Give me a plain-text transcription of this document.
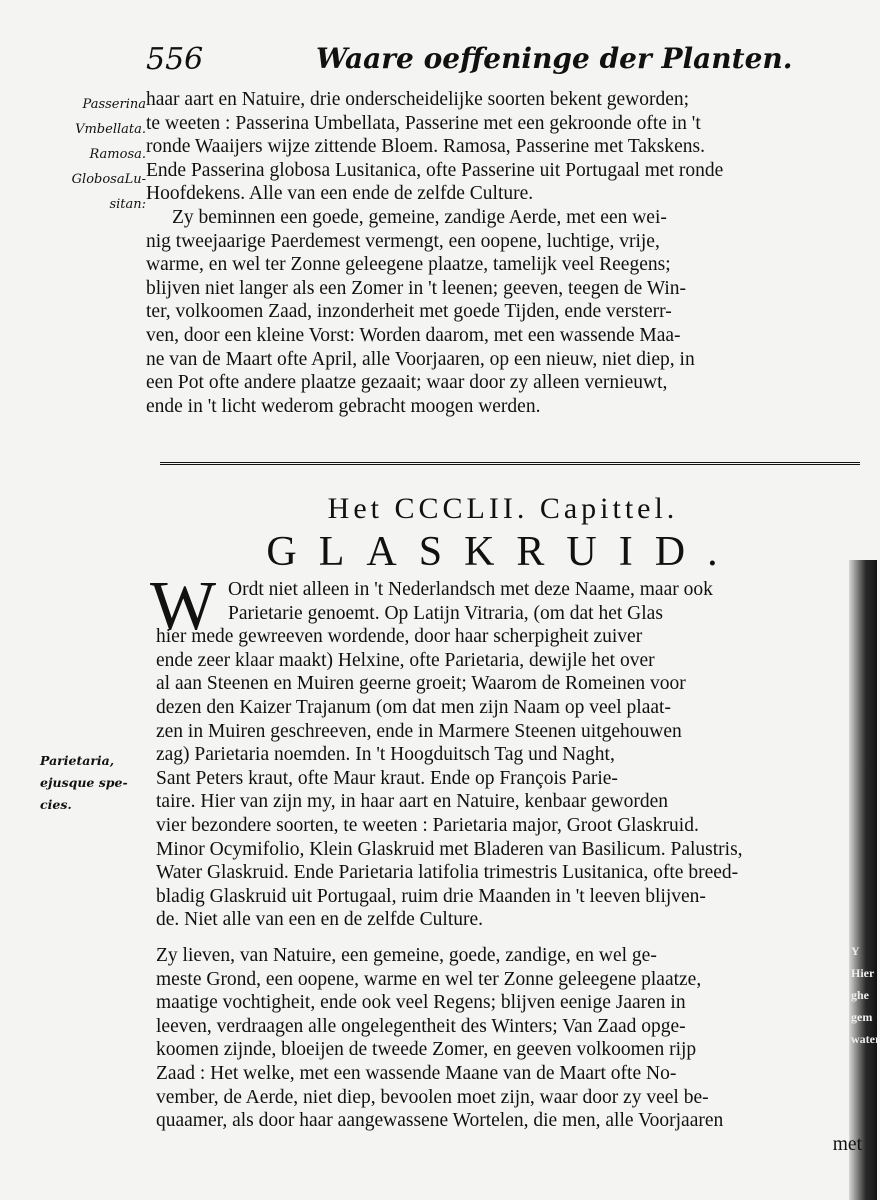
Y
Hier
ghe
gem
water
556	Waare oeffeninge der Planten.
Passerina
Vmbellata.
Ramosa.
GlobosaLu-
sitan:
haar aart en Natuire, drie onderscheidelijke soorten bekent geworden;
te weeten : Passerina Umbellata, Passerine met een gekroonde ofte in 't
ronde Waaijers wijze zittende Bloem. Ramosa, Passerine met Takskens.
Ende Passerina globosa Lusitanica, ofte Passerine uit Portugaal met ronde
Hoofdekens. Alle van een ende de zelfde Culture.
Zy beminnen een goede, gemeine, zandige Aerde, met een wei-
nig tweejaarige Paerdemest vermengt, een oopene, luchtige, vrije,
warme, en wel ter Zonne geleegene plaatze, tamelijk veel Reegens;
blijven niet langer als een Zomer in 't leenen; geeven, teegen de Win-
ter, volkoomen Zaad, inzonderheit met goede Tijden, ende versterr-
ven, door een kleine Vorst: Worden daarom, met een wassende Maa-
ne van de Maart ofte April, alle Voorjaaren, op een nieuw, niet diep, in
een Pot ofte andere plaatze gezaait; waar door zy alleen vernieuwt,
ende in 't licht wederom gebracht moogen werden.
Het CCCLII. Capittel.
GLASKRUID.
W Ordt niet alleen in 't Nederlandsch met deze Naame, maar ook
Parietarie genoemt. Op Latijn Vitraria, (om dat het Glas
hier mede gewreeven wordende, door haar scherpigheit zuiver
ende zeer klaar maakt) Helxine, ofte Parietaria, dewijle het over
al aan Steenen en Muiren geerne groeit; Waarom de Romeinen voor
dezen den Kaizer Trajanum (om dat men zijn Naam op veel plaat-
zen in Muiren geschreeven, ende in Marmere Steenen uitgehouwen
zag) Parietaria noemden. In 't Hoogduitsch Tag und Naght,
Sant Peters kraut, ofte Maur kraut. Ende op François Parie-
taire. Hier van zijn my, in haar aart en Natuire, kenbaar geworden
vier bezondere soorten, te weeten : Parietaria major, Groot Glaskruid.
Minor Ocymifolio, Klein Glaskruid met Bladeren van Basilicum. Palustris,
Water Glaskruid. Ende Parietaria latifolia trimestris Lusitanica, ofte breed-
bladig Glaskruid uit Portugaal, ruim drie Maanden in 't leeven blijven-
de. Niet alle van een en de zelfde Culture.
Parietaria,
ejusque spe-
cies.
Zy lieven, van Natuire, een gemeine, goede, zandige, en wel ge-
meste Grond, een oopene, warme en wel ter Zonne geleegene plaatze,
maatige vochtigheit, ende ook veel Regens; blijven eenige Jaaren in
leeven, verdraagen alle ongelegentheit des Winters; Van Zaad opge-
koomen zijnde, bloeijen de tweede Zomer, en geeven volkoomen rijp
Zaad : Het welke, met een wassende Maane van de Maart ofte No-
vember, de Aerde, niet diep, bevoolen moet zijn, waar door zy veel be-
quaamer, als door haar aangewassene Wortelen, die men, alle Voorjaaren
met
